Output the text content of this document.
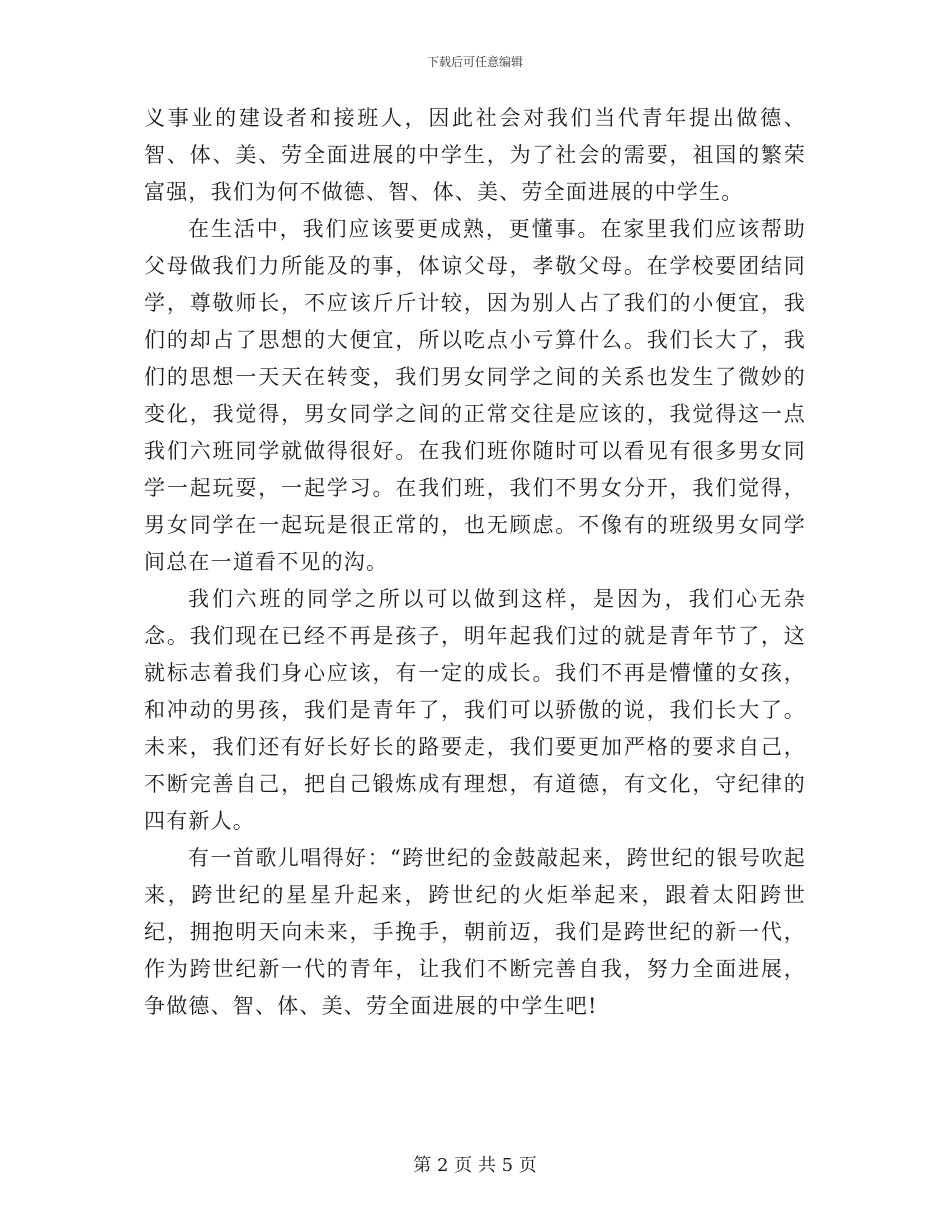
下载后可任意编辑

义事业的建设者和接班人，因此社会对我们当代青年提出做德、智、体、美、劳全面进展的中学生，为了社会的需要，祖国的繁荣富强，我们为何不做德、智、体、美、劳全面进展的中学生。

在生活中，我们应该要更成熟，更懂事。在家里我们应该帮助父母做我们力所能及的事，体谅父母，孝敬父母。在学校要团结同学，尊敬师长，不应该斤斤计较，因为别人占了我们的小便宜，我们的却占了思想的大便宜，所以吃点小亏算什么。我们长大了，我们的思想一天天在转变，我们男女同学之间的关系也发生了微妙的变化，我觉得，男女同学之间的正常交往是应该的，我觉得这一点我们六班同学就做得很好。在我们班你随时可以看见有很多男女同学一起玩耍，一起学习。在我们班，我们不男女分开，我们觉得，男女同学在一起玩是很正常的，也无顾虑。不像有的班级男女同学间总在一道看不见的沟。

我们六班的同学之所以可以做到这样，是因为，我们心无杂念。我们现在已经不再是孩子，明年起我们过的就是青年节了，这就标志着我们身心应该，有一定的成长。我们不再是懵懂的女孩，和冲动的男孩，我们是青年了，我们可以骄傲的说，我们长大了。未来，我们还有好长好长的路要走，我们要更加严格的要求自己，不断完善自己，把自己锻炼成有理想，有道德，有文化，守纪律的四有新人。

有一首歌儿唱得好：“跨世纪的金鼓敲起来，跨世纪的银号吹起来，跨世纪的星星升起来，跨世纪的火炬举起来，跟着太阳跨世纪，拥抱明天向未来，手挽手，朝前迈，我们是跨世纪的新一代，作为跨世纪新一代的青年，让我们不断完善自我，努力全面进展，争做德、智、体、美、劳全面进展的中学生吧!

第 2 页 共 5 页
